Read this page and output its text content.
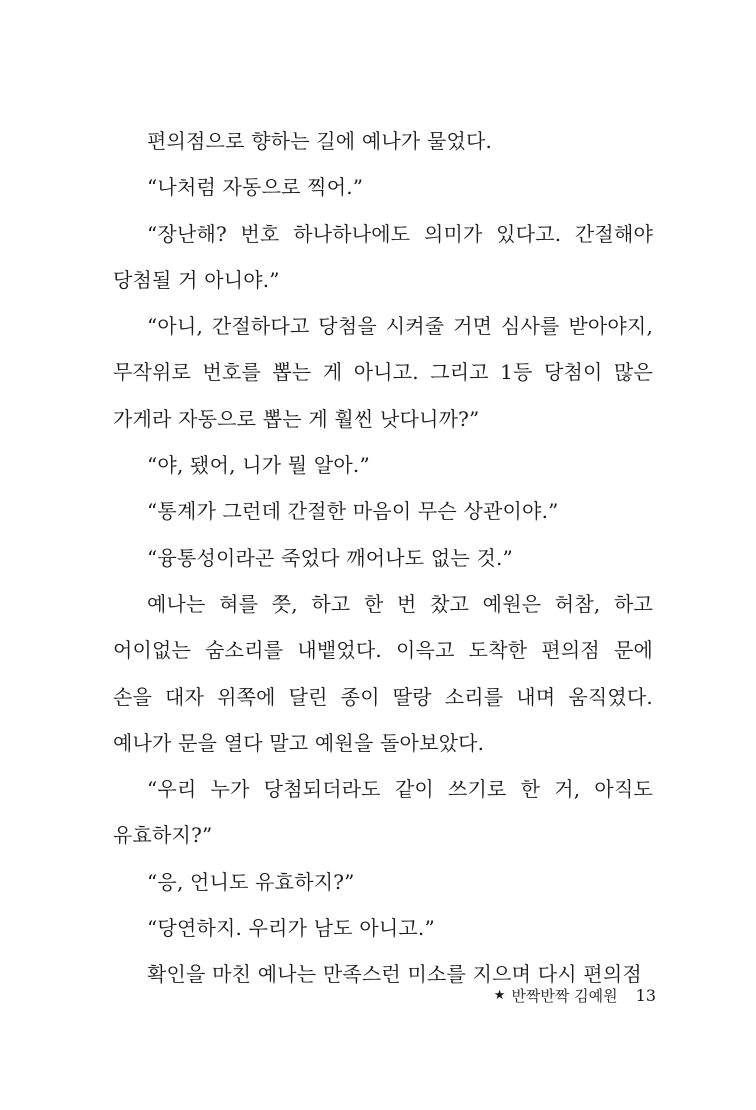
편의점으로 향하는 길에 예나가 물었다.

“나처럼 자동으로 찍어.”

“장난해? 번호 하나하나에도 의미가 있다고. 간절해야 당첨될 거 아니야.”

“아니, 간절하다고 당첨을 시켜줄 거면 심사를 받아야지, 무작위로 번호를 뽑는 게 아니고. 그리고 1등 당첨이 많은 가게라 자동으로 뽑는 게 훨씬 낫다니까?”

“야, 됐어, 니가 뭘 알아.”

“통계가 그런데 간절한 마음이 무슨 상관이야.”

“융통성이라곤 죽었다 깨어나도 없는 것.”

예나는 혀를 쯧, 하고 한 번 찼고 예원은 허참, 하고 어이없는 숨소리를 내뱉었다. 이윽고 도착한 편의점 문에 손을 대자 위쪽에 달린 종이 딸랑 소리를 내며 움직였다. 예나가 문을 열다 말고 예원을 돌아보았다.

“우리 누가 당첨되더라도 같이 쓰기로 한 거, 아직도 유효하지?”

“응, 언니도 유효하지?”

“당연하지. 우리가 남도 아니고.”

확인을 마친 예나는 만족스런 미소를 지으며 다시 편의점

★ 반짝반짝 김예원 13
